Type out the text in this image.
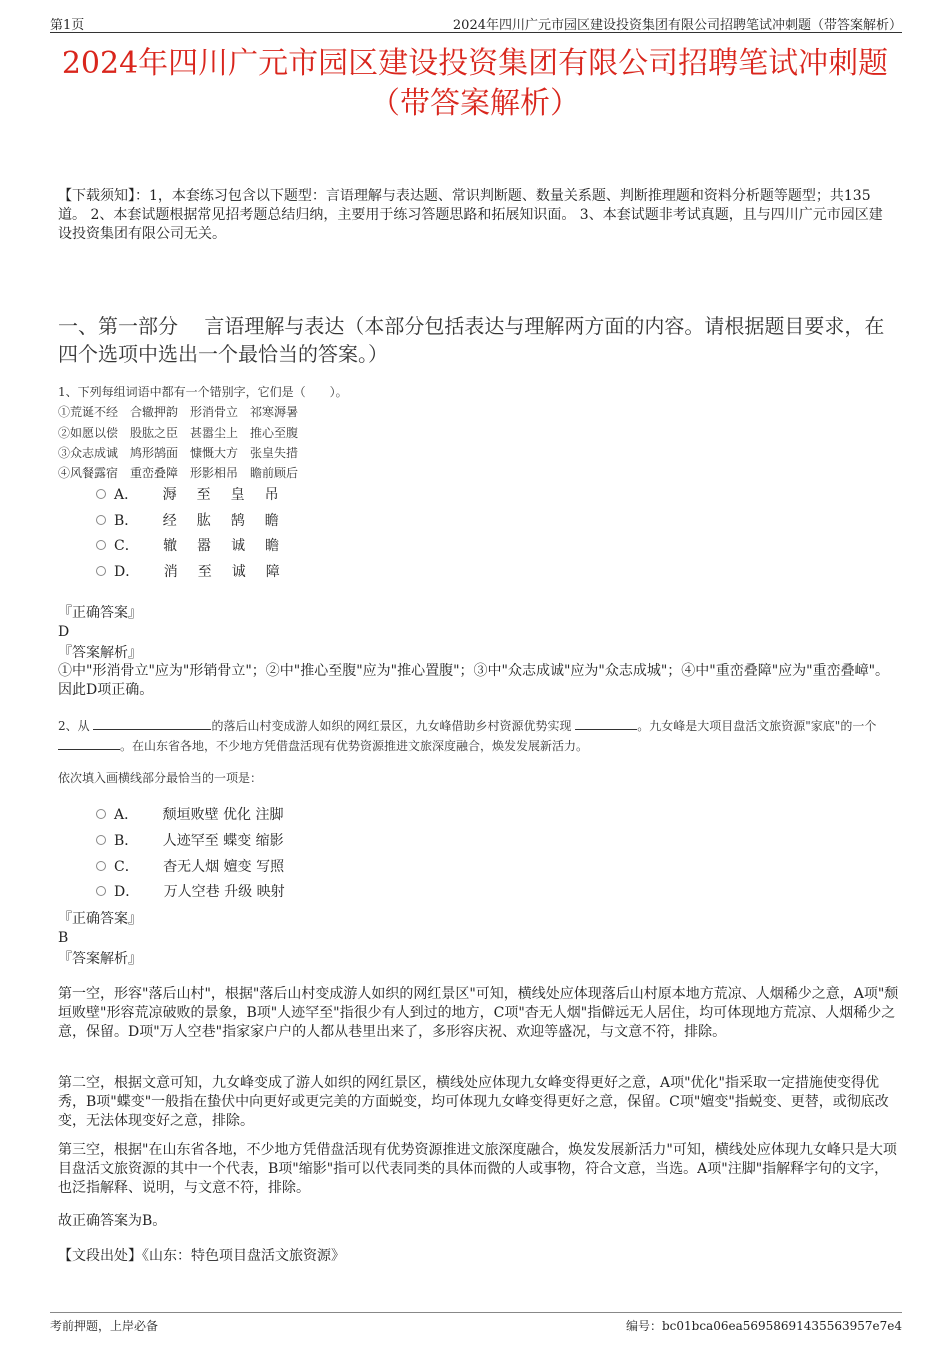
第1页	2024年四川广元市园区建设投资集团有限公司招聘笔试冲刺题（带答案解析）
2024年四川广元市园区建设投资集团有限公司招聘笔试冲刺题
（带答案解析）
【下载须知】：1，本套练习包含以下题型：言语理解与表达题、常识判断题、数量关系题、判断推理题和资料分析题等题型；共135道。 2、本套试题根据常见招考题总结归纳，主要用于练习答题思路和拓展知识面。 3、本套试题非考试真题，且与四川广元市园区建设投资集团有限公司无关。
一、第一部分　 言语理解与表达（本部分包括表达与理解两方面的内容。请根据题目要求，在四个选项中选出一个最恰当的答案。）
1、下列每组词语中都有一个错别字，它们是（　　）。
①荒诞不经　合辙押韵　形消骨立　祁寒溽暑
②如愿以偿　股肱之臣　甚嚣尘上　推心至腹
③众志成诚　鸠形鹄面　慷慨大方　张皇失措
④风餐露宿　重峦叠障　形影相吊　瞻前顾后
A． 溽 至 皇 吊
B． 经 肱 鹄 瞻
C． 辙 嚣 诚 瞻
D． 消 至 诚 障
『正确答案』
D
『答案解析』
①中"形消骨立"应为"形销骨立"；②中"推心至腹"应为"推心置腹"；③中"众志成诚"应为"众志成城"；④中"重峦叠障"应为"重峦叠嶂"。因此D项正确。
2、从	的落后山村变成游人如织的网红景区，九女峰借助乡村资源优势实现	。九女峰是大项目盘活文旅资源"家底"的一个 。在山东省各地，不少地方凭借盘活现有优势资源推进文旅深度融合，焕发发展新活力。
依次填入画横线部分最恰当的一项是：
A． 颓垣败壁 优化 注脚
B． 人迹罕至 蝶变 缩影
C． 杳无人烟 嬗变 写照
D． 万人空巷 升级 映射
『正确答案』
B
『答案解析』
第一空，形容"落后山村"，根据"落后山村变成游人如织的网红景区"可知，横线处应体现落后山村原本地方荒凉、人烟稀少之意，A项"颓垣败壁"形容荒凉破败的景象，B项"人迹罕至"指很少有人到过的地方，C项"杳无人烟"指僻远无人居住，均可体现地方荒凉、人烟稀少之意，保留。D项"万人空巷"指家家户户的人都从巷里出来了，多形容庆祝、欢迎等盛况，与文意不符，排除。
第二空，根据文意可知，九女峰变成了游人如织的网红景区，横线处应体现九女峰变得更好之意，A项"优化"指采取一定措施使变得优秀，B项"蝶变"一般指在蛰伏中向更好或更完美的方面蜕变，均可体现九女峰变得更好之意，保留。C项"嬗变"指蜕变、更替，或彻底改变，无法体现变好之意，排除。
第三空，根据"在山东省各地，不少地方凭借盘活现有优势资源推进文旅深度融合，焕发发展新活力"可知，横线处应体现九女峰只是大项目盘活文旅资源的其中一个代表，B项"缩影"指可以代表同类的具体而微的人或事物，符合文意，当选。A项"注脚"指解释字句的文字，也泛指解释、说明，与文意不符，排除。
故正确答案为B。
【文段出处】《山东：特色项目盘活文旅资源》
考前押题，上岸必备	编号：bc01bca06ea5695869143556395​7e7e4
